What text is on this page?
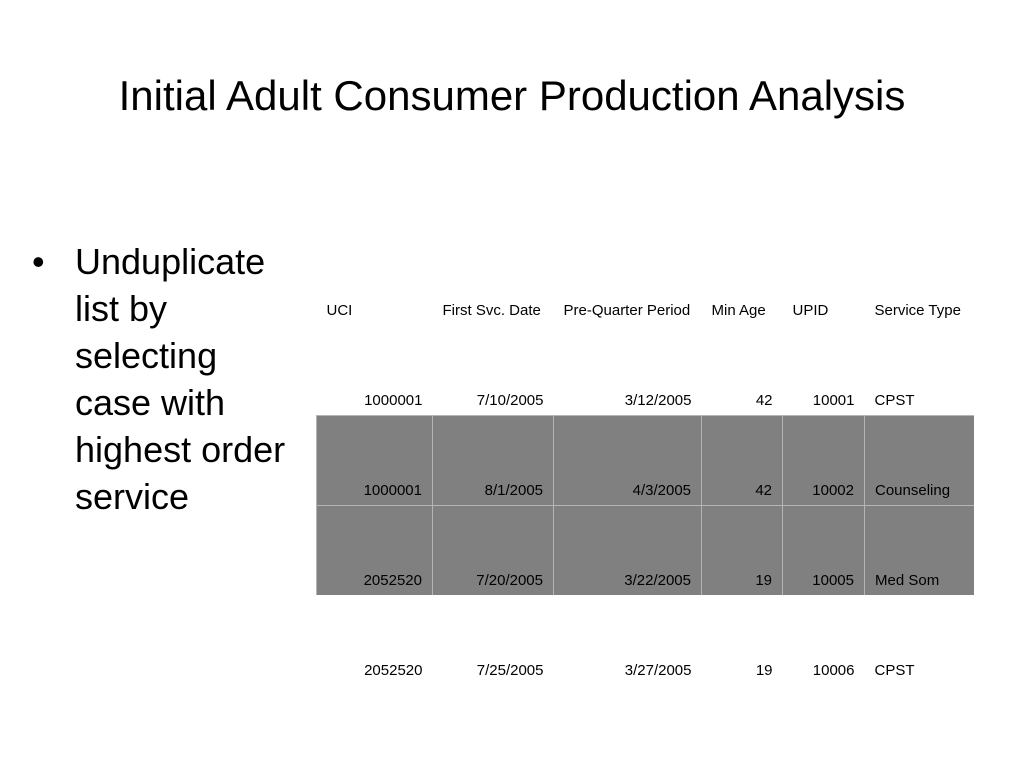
Initial Adult Consumer Production Analysis
• Unduplicate list by selecting case with highest order service
UCI	First Svc. Date	Pre-Quarter Period	Min Age	UPID	Service Type
1000001	7/10/2005	3/12/2005	42	10001	CPST
1000001	8/1/2005	4/3/2005	42	10002	Counseling
2052520	7/20/2005	3/22/2005	19	10005	Med Som
2052520	7/25/2005	3/27/2005	19	10006	CPST
